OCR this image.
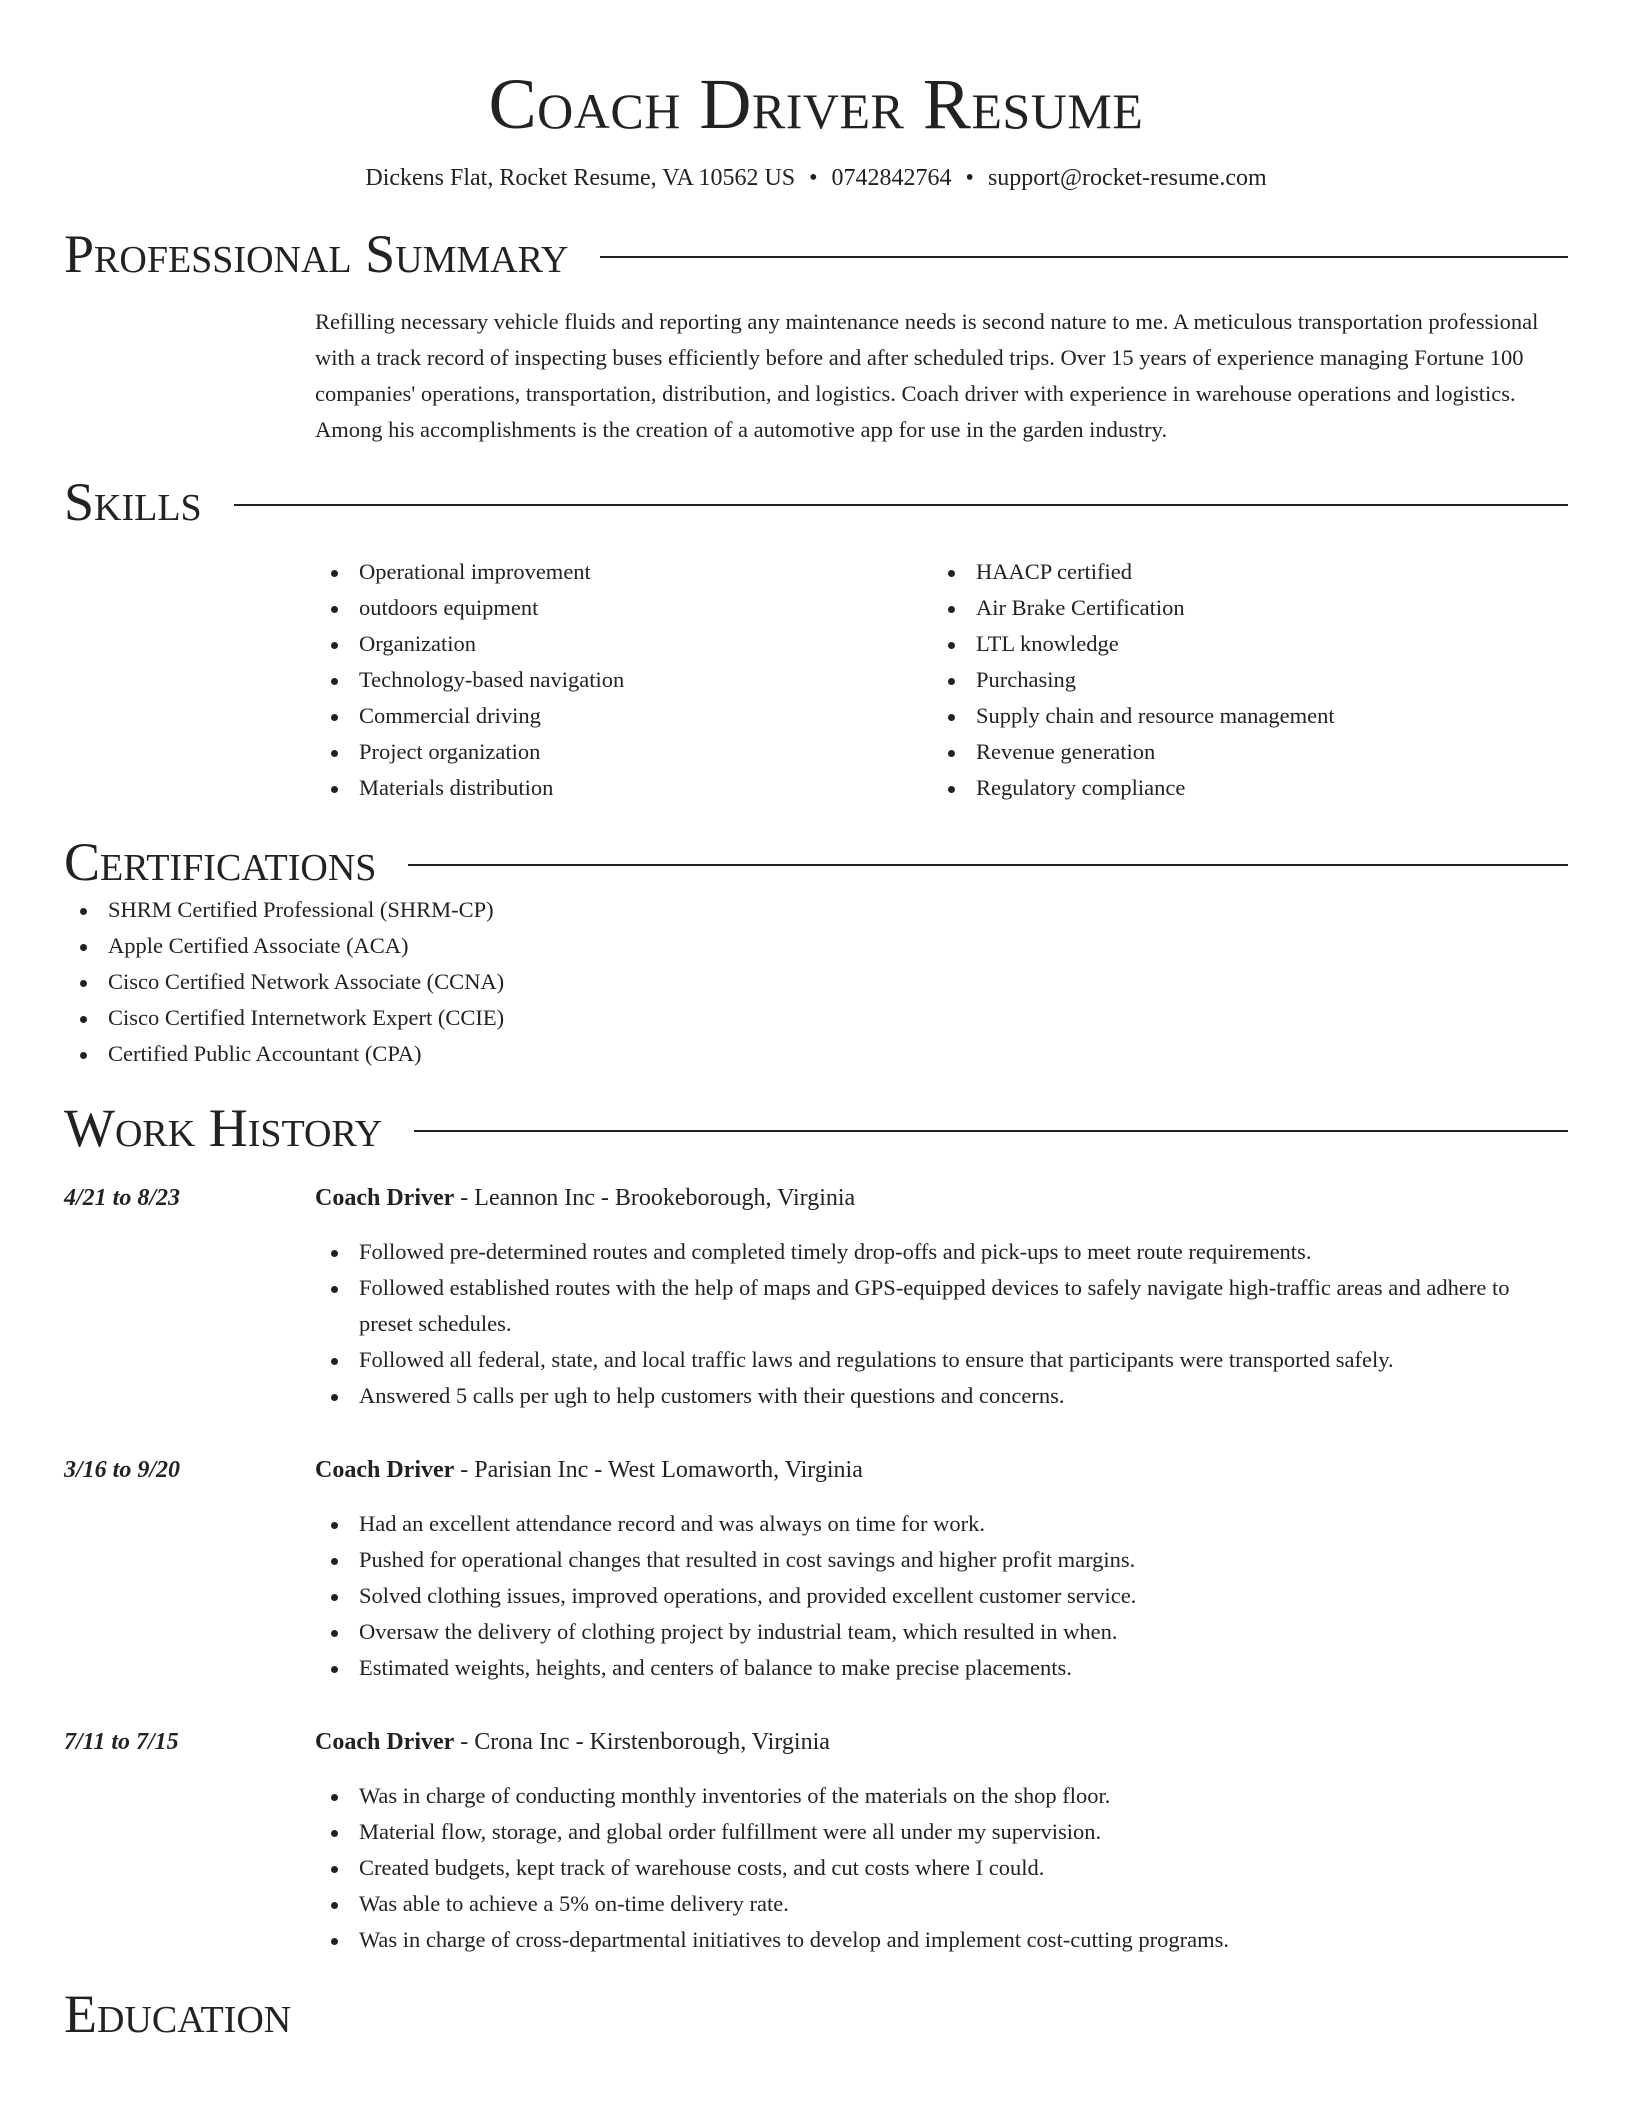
Coach Driver Resume
Dickens Flat, Rocket Resume, VA 10562 US • 0742842764 • support@rocket-resume.com
Professional Summary

Refilling necessary vehicle fluids and reporting any maintenance needs is second nature to me. A meticulous transportation professional with a track record of inspecting buses efficiently before and after scheduled trips. Over 15 years of experience managing Fortune 100 companies' operations, transportation, distribution, and logistics. Coach driver with experience in warehouse operations and logistics. Among his accomplishments is the creation of a automotive app for use in the garden industry.

Skills
Operational improvement
outdoors equipment
Organization
Technology-based navigation
Commercial driving
Project organization
Materials distribution
HAACP certified
Air Brake Certification
LTL knowledge
Purchasing
Supply chain and resource management
Revenue generation
Regulatory compliance
Certifications
SHRM Certified Professional (SHRM-CP)
Apple Certified Associate (ACA)
Cisco Certified Network Associate (CCNA)
Cisco Certified Internetwork Expert (CCIE)
Certified Public Accountant (CPA)
Work History
4/21 to 8/23	Coach Driver - Leannon Inc - Brookeborough, Virginia
Followed pre-determined routes and completed timely drop-offs and pick-ups to meet route requirements.
Followed established routes with the help of maps and GPS-equipped devices to safely navigate high-traffic areas and adhere to preset schedules.
Followed all federal, state, and local traffic laws and regulations to ensure that participants were transported safely.
Answered 5 calls per ugh to help customers with their questions and concerns.
3/16 to 9/20	Coach Driver - Parisian Inc - West Lomaworth, Virginia
Had an excellent attendance record and was always on time for work.
Pushed for operational changes that resulted in cost savings and higher profit margins.
Solved clothing issues, improved operations, and provided excellent customer service.
Oversaw the delivery of clothing project by industrial team, which resulted in when.
Estimated weights, heights, and centers of balance to make precise placements.
7/11 to 7/15	Coach Driver - Crona Inc - Kirstenborough, Virginia
Was in charge of conducting monthly inventories of the materials on the shop floor.
Material flow, storage, and global order fulfillment were all under my supervision.
Created budgets, kept track of warehouse costs, and cut costs where I could.
Was able to achieve a 5% on-time delivery rate.
Was in charge of cross-departmental initiatives to develop and implement cost-cutting programs.
Education
